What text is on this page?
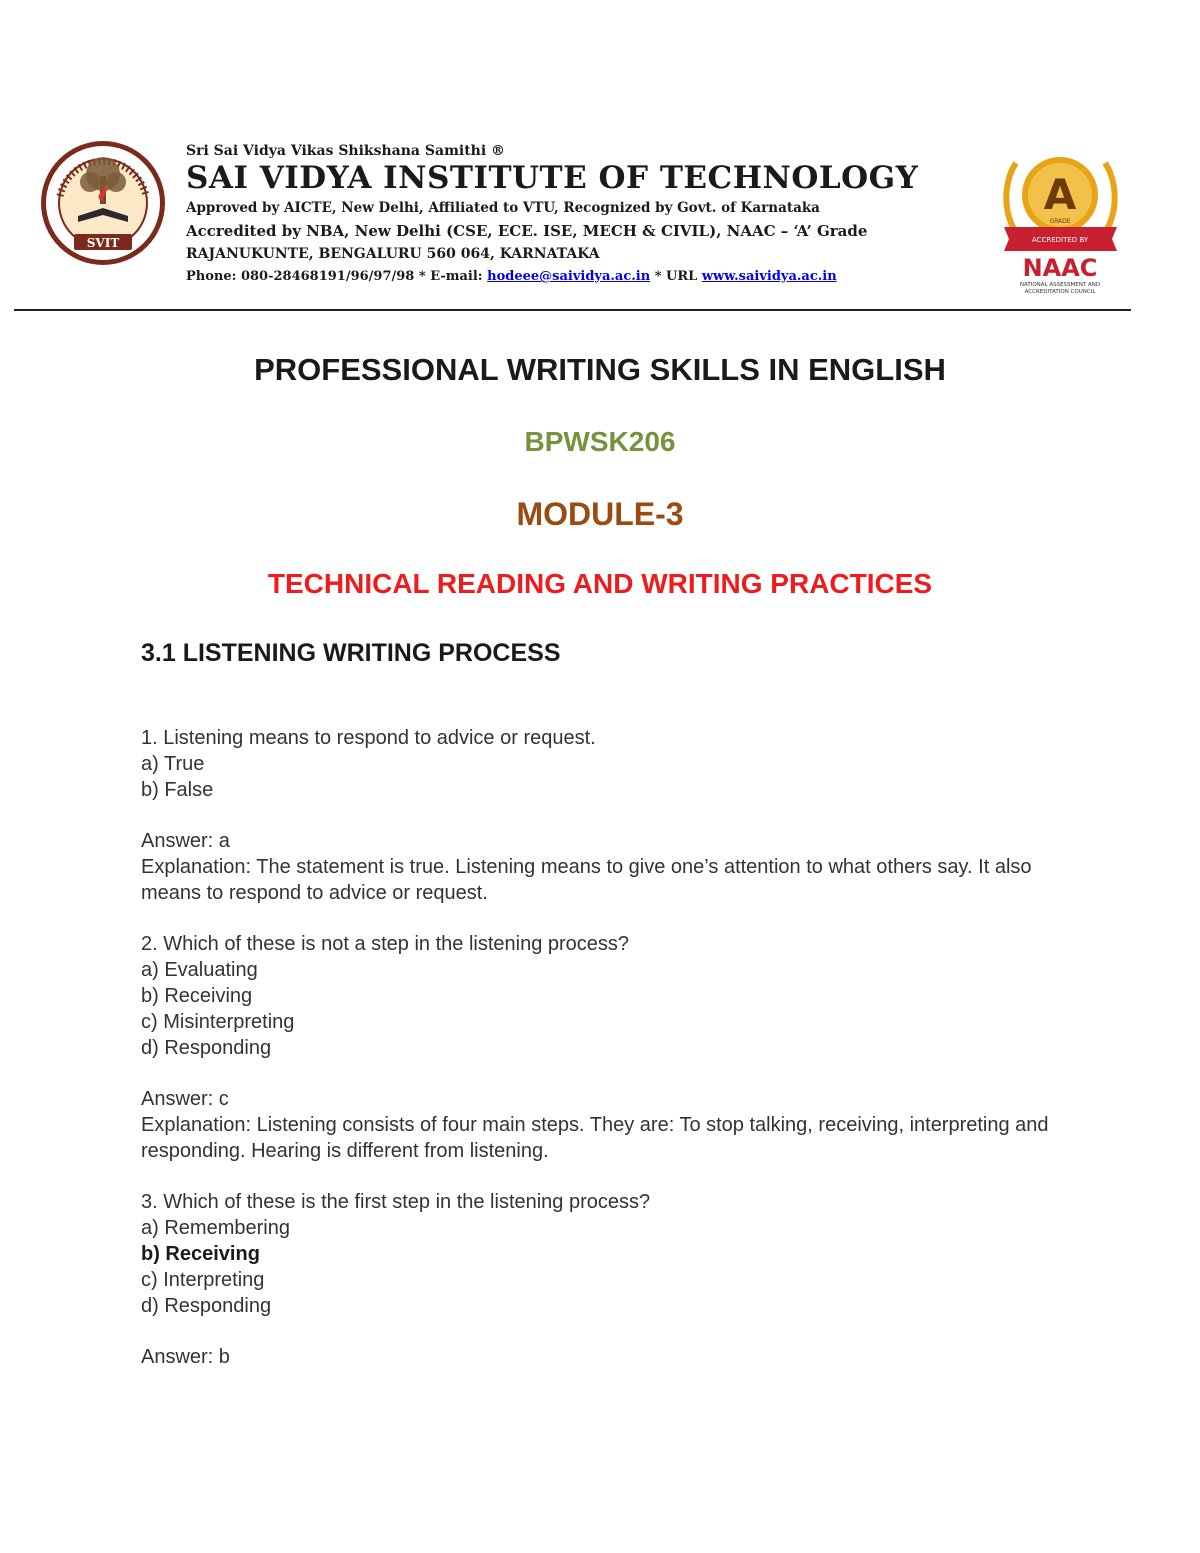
SVIT
Sri Sai Vidya Vikas Shikshana Samithi ®
SAI VIDYA INSTITUTE OF TECHNOLOGY
Approved by AICTE, New Delhi, Affiliated to VTU, Recognized by Govt. of Karnataka
Accredited by NBA, New Delhi (CSE, ECE. ISE, MECH & CIVIL), NAAC – ‘A’ Grade
RAJANUKUNTE, BENGALURU 560 064, KARNATAKA
Phone: 080-28468191/96/97/98 * E-mail: hodeee@saividya.ac.in * URL www.saividya.ac.in
A
GRADE
ACCREDITED BY
NAAC
NATIONAL ASSESSMENT AND
ACCREDITATION COUNCIL
PROFESSIONAL WRITING SKILLS IN ENGLISH
BPWSK206
MODULE-3
TECHNICAL READING AND WRITING PRACTICES
3.1 LISTENING WRITING PROCESS

1. Listening means to respond to advice or request.

a) True

b) False

Answer: a

Explanation: The statement is true. Listening means to give one’s attention to what others say. It also means to respond to advice or request.

2. Which of these is not a step in the listening process?

a) Evaluating

b) Receiving

c) Misinterpreting

d) Responding

Answer: c

Explanation: Listening consists of four main steps. They are: To stop talking, receiving, interpreting and responding. Hearing is different from listening.

3. Which of these is the first step in the listening process?

a) Remembering

b) Receiving

c) Interpreting

d) Responding

Answer: b
